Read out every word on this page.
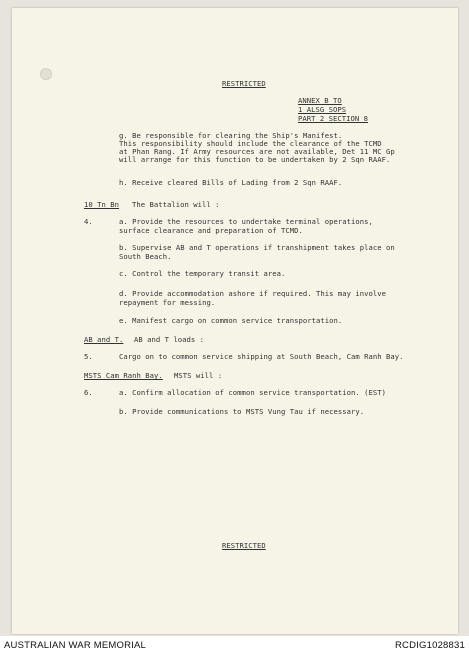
RESTRICTED
ANNEX B TO
1 ALSG SOPS
PART 2 SECTION 8
g. Be responsible for clearing the Ship's Manifest.
This responsibility should include the clearance of the TCMD
at Phan Rang. If Army resources are not available, Det 11 MC Gp
will arrange for this function to be undertaken by 2 Sqn RAAF.
h. Receive cleared Bills of Lading from 2 Sqn RAAF.
10 Tn Bn The Battalion will :
4.	a. Provide the resources to undertake terminal operations,
surface clearance and preparation of TCMD.
b. Supervise AB and T operations if transhipment takes place on
South Beach.
c. Control the temporary transit area.
d. Provide accommodation ashore if required. This may involve
repayment for messing.
e. Manifest cargo on common service transportation.
AB and T. AB and T loads :
5.	Cargo on to common service shipping at South Beach, Cam Ranh Bay.
MSTS Cam Ranh Bay. MSTS will :
6.	a. Confirm allocation of common service transportation. (EST)
b. Provide communications to MSTS Vung Tau if necessary.
RESTRICTED
AUSTRALIAN WAR MEMORIAL	RCDIG1028831
